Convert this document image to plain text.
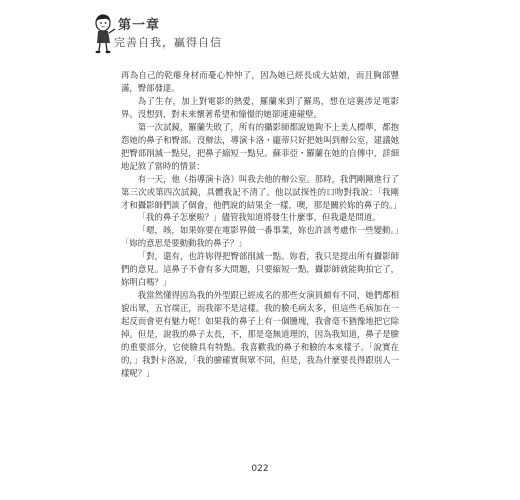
第一章
完善自我，贏得自信

再為自己的乾瘪身材而憂心忡忡了，因為她已經長成大姑娘，而且胸部豐滿，臀部發達。

為了生存，加上對電影的熱愛，羅蘭來到了羅馬，想在這裏涉足電影界。沒想到，對未來懷著希望和憧憬的她卻連連碰壁。

第一次試鏡，羅蘭失敗了，所有的攝影師都說她夠不上美人標準，都抱怨她的鼻子和臀部。沒辦法，導演卡洛・龐蒂只好把她叫到辦公室，建議她把臀部削減一點兒，把鼻子縮短一點兒。蘇菲亞・羅蘭在她的自傳中，詳細地記敘了當時的情景：

有一天，他（指導演卡洛）叫我去他的辦公室。那時，我們剛剛進行了第三次或第四次試鏡，具體我記不清了。他以試探性的口吻對我說：「我剛才和攝影師們談了個會，他們說的結果全一樣，噢，那是關於妳的鼻子的。」

「我的鼻子怎麼啦？」儘管我知道將發生什麼事，但我還是問道。

「嗯，咳，如果妳要在電影界做一番事業，妳也許該考慮作一些變動。」「妳的意思是要動動我的鼻子？」

「對，還有，也許妳得把臀部削減一點。妳看，我只是提出所有攝影師們的意見。這鼻子不會有多大問題，只要縮短一點，攝影師就能夠拍它了，妳明白嗎？」

我當然懂得因為我的外型跟已經成名的那些女演員頗有不同，她們都相貌出眾，五官端正，而我卻不是這樣。我的臉毛病太多，但這些毛病加在一起反而會更有魅力呢！如果我的鼻子上有一個腫塊，我會毫不猶豫地把它除掉。但是，說我的鼻子太長，不，那是毫無道理的，因為我知道，鼻子是臉的重要部分，它使臉具有特點。我喜歡我的鼻子和臉的本來樣子。「說實在的，」我對卡洛說，「我的臉確實與眾不同，但是，我為什麼要長得跟別人一樣呢？」

022
